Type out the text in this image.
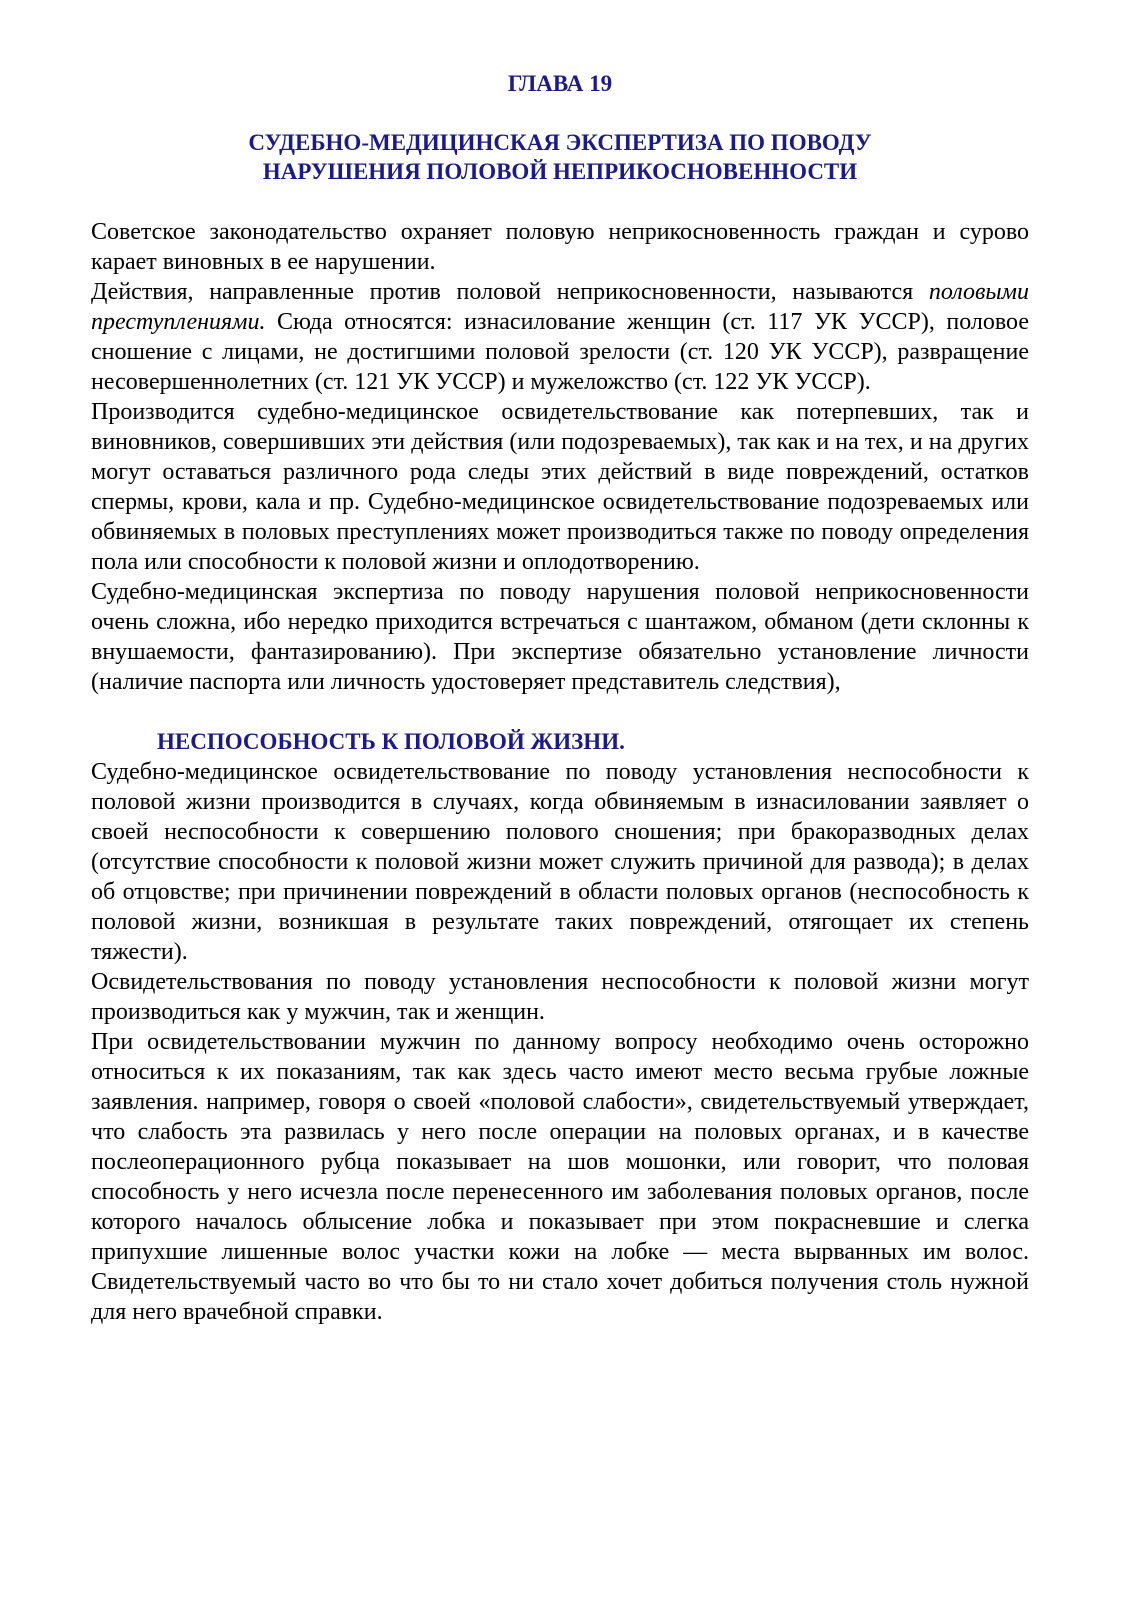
ГЛАВА 19
СУДЕБНО-МЕДИЦИНСКАЯ ЭКСПЕРТИЗА ПО ПОВОДУ
НАРУШЕНИЯ ПОЛОВОЙ НЕПРИКОСНОВЕННОСТИ

Советское законодательство охраняет половую неприкосновенность граждан и сурово карает виновных в ее нарушении.

Действия, направленные против половой неприкосновенности, называются половыми преступлениями. Сюда относятся: изнасилование женщин (ст. 117 УК УССР), половое сношение с лицами, не достигшими половой зрелости (ст. 120 УК УССР), развращение несовершеннолетних (ст. 121 УК УССР) и мужеложство (ст. 122 УК УССР).

Производится судебно-медицинское освидетельствование как потерпевших, так и виновников, совершивших эти действия (или подозреваемых), так как и на тех, и на других могут оставаться различного рода следы этих действий в виде повреждений, остатков спермы, крови, кала и пр. Судебно-медицинское освидетельствование подозреваемых или обвиняемых в половых преступлениях может производиться также по поводу определения пола или способности к половой жизни и оплодотворению.

Судебно-медицинская экспертиза по поводу нарушения половой неприкосновенности очень сложна, ибо нередко приходится встречаться с шантажом, обманом (дети склонны к внушаемости, фантазированию). При экспертизе обязательно установление личности (наличие паспорта или личность удостоверяет представитель следствия),

НЕСПОСОБНОСТЬ К ПОЛОВОЙ ЖИЗНИ.

Судебно-медицинское освидетельствование по поводу установления неспособности к половой жизни производится в случаях, когда обвиняемым в изнасиловании заявляет о своей неспособности к совершению полового сношения; при бракоразводных делах (отсутствие способности к половой жизни может служить причиной для развода); в делах об отцовстве; при причинении повреждений в области половых органов (неспособность к половой жизни, возникшая в результате таких повреждений, отягощает их степень тяжести).

Освидетельствования по поводу установления неспособности к половой жизни могут производиться как у мужчин, так и женщин.

При освидетельствовании мужчин по данному вопросу необходимо очень осторожно относиться к их показаниям, так как здесь часто имеют место весьма грубые ложные заявления. например, говоря о своей «половой слабости», свидетельствуемый утверждает, что слабость эта развилась у него после операции на половых органах, и в качестве послеоперационного рубца показывает на шов мошонки, или говорит, что половая способность у него исчезла после перенесенного им заболевания половых органов, после которого началось облысение лобка и показывает при этом покрасневшие и слегка припухшие лишенные волос участки кожи на лобке — места вырванных им волос. Свидетельствуемый часто во что бы то ни стало хочет добиться получения столь нужной для него врачебной справки.
